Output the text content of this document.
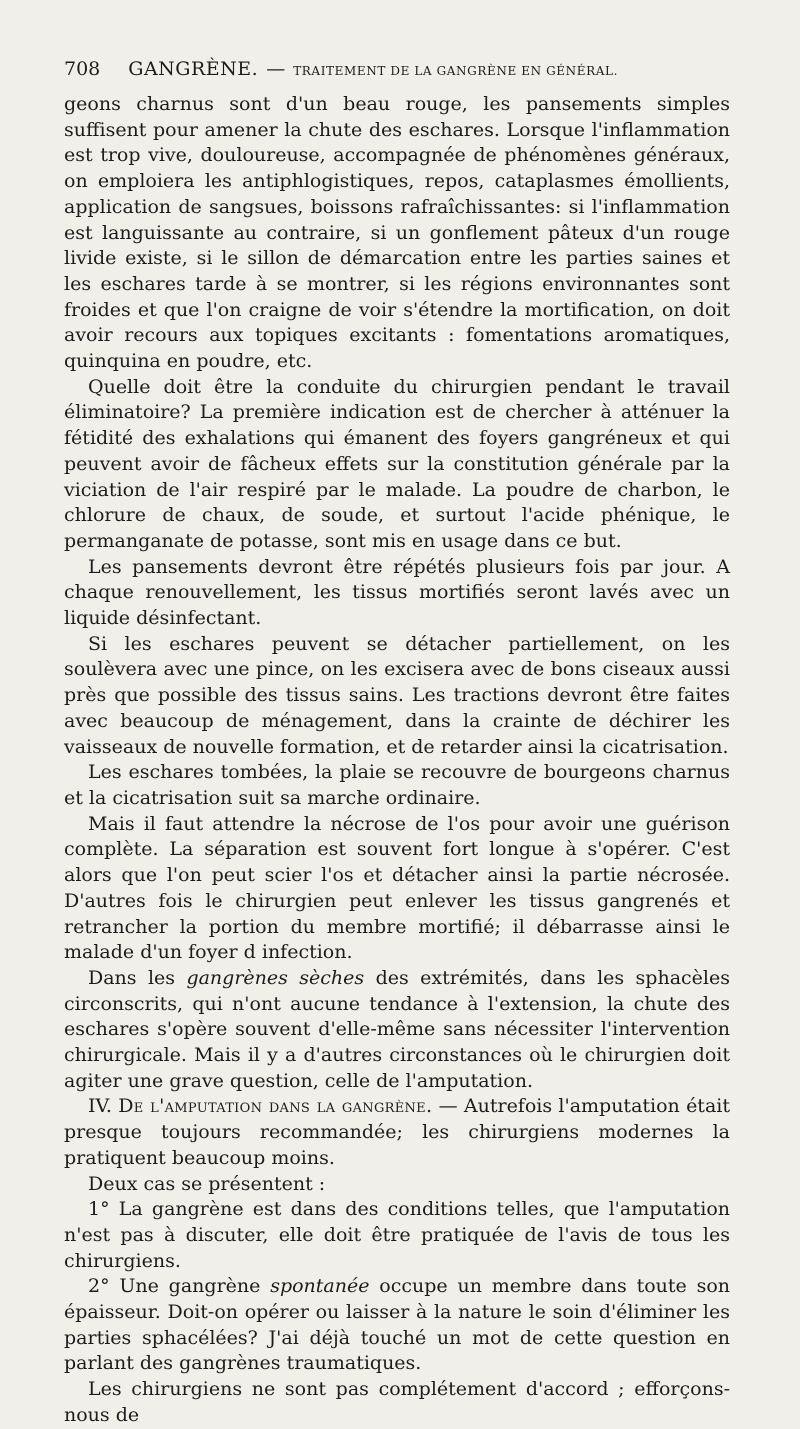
708 GANGRÈNE. — TRAITEMENT DE LA GANGRÈNE EN GÉNÉRAL.

geons charnus sont d'un beau rouge, les pansements simples suffisent pour amener la chute des eschares. Lorsque l'inflammation est trop vive, douloureuse, accompagnée de phénomènes généraux, on emploiera les antiphlogistiques, repos, cataplasmes émollients, application de sangsues, boissons rafraîchissantes: si l'inflammation est languissante au contraire, si un gonflement pâteux d'un rouge livide existe, si le sillon de démarcation entre les parties saines et les eschares tarde à se montrer, si les régions environnantes sont froides et que l'on craigne de voir s'étendre la mortification, on doit avoir recours aux topiques excitants : fomentations aromatiques, quinquina en poudre, etc.

Quelle doit être la conduite du chirurgien pendant le travail éliminatoire? La première indication est de chercher à atténuer la fétidité des exhalations qui émanent des foyers gangréneux et qui peuvent avoir de fâcheux effets sur la constitution générale par la viciation de l'air respiré par le malade. La poudre de charbon, le chlorure de chaux, de soude, et surtout l'acide phénique, le permanganate de potasse, sont mis en usage dans ce but.

Les pansements devront être répétés plusieurs fois par jour. A chaque renouvellement, les tissus mortifiés seront lavés avec un liquide désinfectant.

Si les eschares peuvent se détacher partiellement, on les soulèvera avec une pince, on les excisera avec de bons ciseaux aussi près que possible des tissus sains. Les tractions devront être faites avec beaucoup de ménagement, dans la crainte de déchirer les vaisseaux de nouvelle formation, et de retarder ainsi la cicatrisation.

Les eschares tombées, la plaie se recouvre de bourgeons charnus et la cicatrisation suit sa marche ordinaire.

Mais il faut attendre la nécrose de l'os pour avoir une guérison complète. La séparation est souvent fort longue à s'opérer. C'est alors que l'on peut scier l'os et détacher ainsi la partie nécrosée. D'autres fois le chirurgien peut enlever les tissus gangrenés et retrancher la portion du membre mortifié; il débarrasse ainsi le malade d'un foyer d infection.

Dans les gangrènes sèches des extrémités, dans les sphacèles circonscrits, qui n'ont aucune tendance à l'extension, la chute des eschares s'opère souvent d'elle-même sans nécessiter l'intervention chirurgicale. Mais il y a d'autres circonstances où le chirurgien doit agiter une grave question, celle de l'amputation.

IV. De l'amputation dans la gangrène. — Autrefois l'amputation était presque toujours recommandée; les chirurgiens modernes la pratiquent beaucoup moins.

Deux cas se présentent :

1° La gangrène est dans des conditions telles, que l'amputation n'est pas à discuter, elle doit être pratiquée de l'avis de tous les chirurgiens.

2° Une gangrène spontanée occupe un membre dans toute son épaisseur. Doit-on opérer ou laisser à la nature le soin d'éliminer les parties sphacélées? J'ai déjà touché un mot de cette question en parlant des gangrènes traumatiques.

Les chirurgiens ne sont pas complétement d'accord ; efforçons-nous de
